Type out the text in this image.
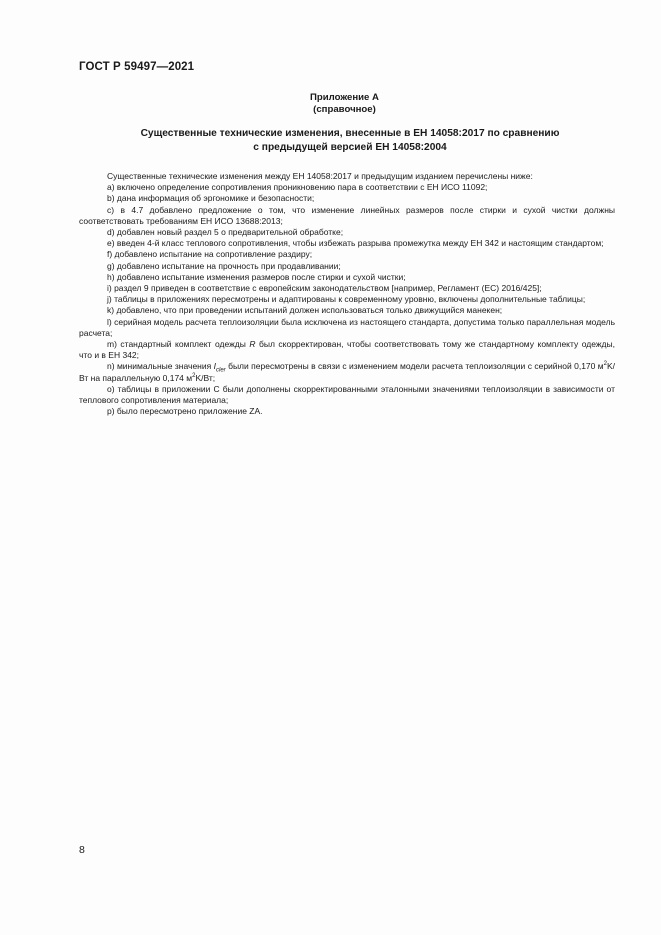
ГОСТ Р 59497—2021
Приложение А
(справочное)
Существенные технические изменения, внесенные в ЕН 14058:2017 по сравнению
с предыдущей версией ЕН 14058:2004

Существенные технические изменения между ЕН 14058:2017 и предыдущим изданием перечислены ниже:

а) включено определение сопротивления проникновению пара в соответствии с ЕН ИСО 11092;

b) дана информация об эргономике и безопасности;

с) в 4.7 добавлено предложение о том, что изменение линейных размеров после стирки и сухой чистки должны соответствовать требованиям ЕН ИСО 13688:2013;

d) добавлен новый раздел 5 о предварительной обработке;

е) введен 4-й класс теплового сопротивления, чтобы избежать разрыва промежутка между ЕН 342 и настоящим стандартом;

f) добавлено испытание на сопротивление раздиру;

g) добавлено испытание на прочность при продавливании;

h) добавлено испытание изменения размеров после стирки и сухой чистки;

i) раздел 9 приведен в соответствие с европейским законодательством [например, Регламент (ЕС) 2016/425];

j) таблицы в приложениях пересмотрены и адаптированы к современному уровню, включены дополнительные таблицы;

k) добавлено, что при проведении испытаний должен использоваться только движущийся манекен;

l) серийная модель расчета теплоизоляции была исключена из настоящего стандарта, допустима только параллельная модель расчета;

m) стандартный комплект одежды R был скорректирован, чтобы соответствовать тому же стандартному комплекту одежды, что и в ЕН 342;

n) минимальные значения $I_{cler}$ были пересмотрены в связи с изменением модели расчета теплоизоляции с серийной 0,170 $м^2K/Вт$ на параллельную 0,174 $м^2K/Вт$;

о) таблицы в приложении С были дополнены скорректированными эталонными значениями теплоизоляции в зависимости от теплового сопротивления материала;

р) было пересмотрено приложение ZA.

8
